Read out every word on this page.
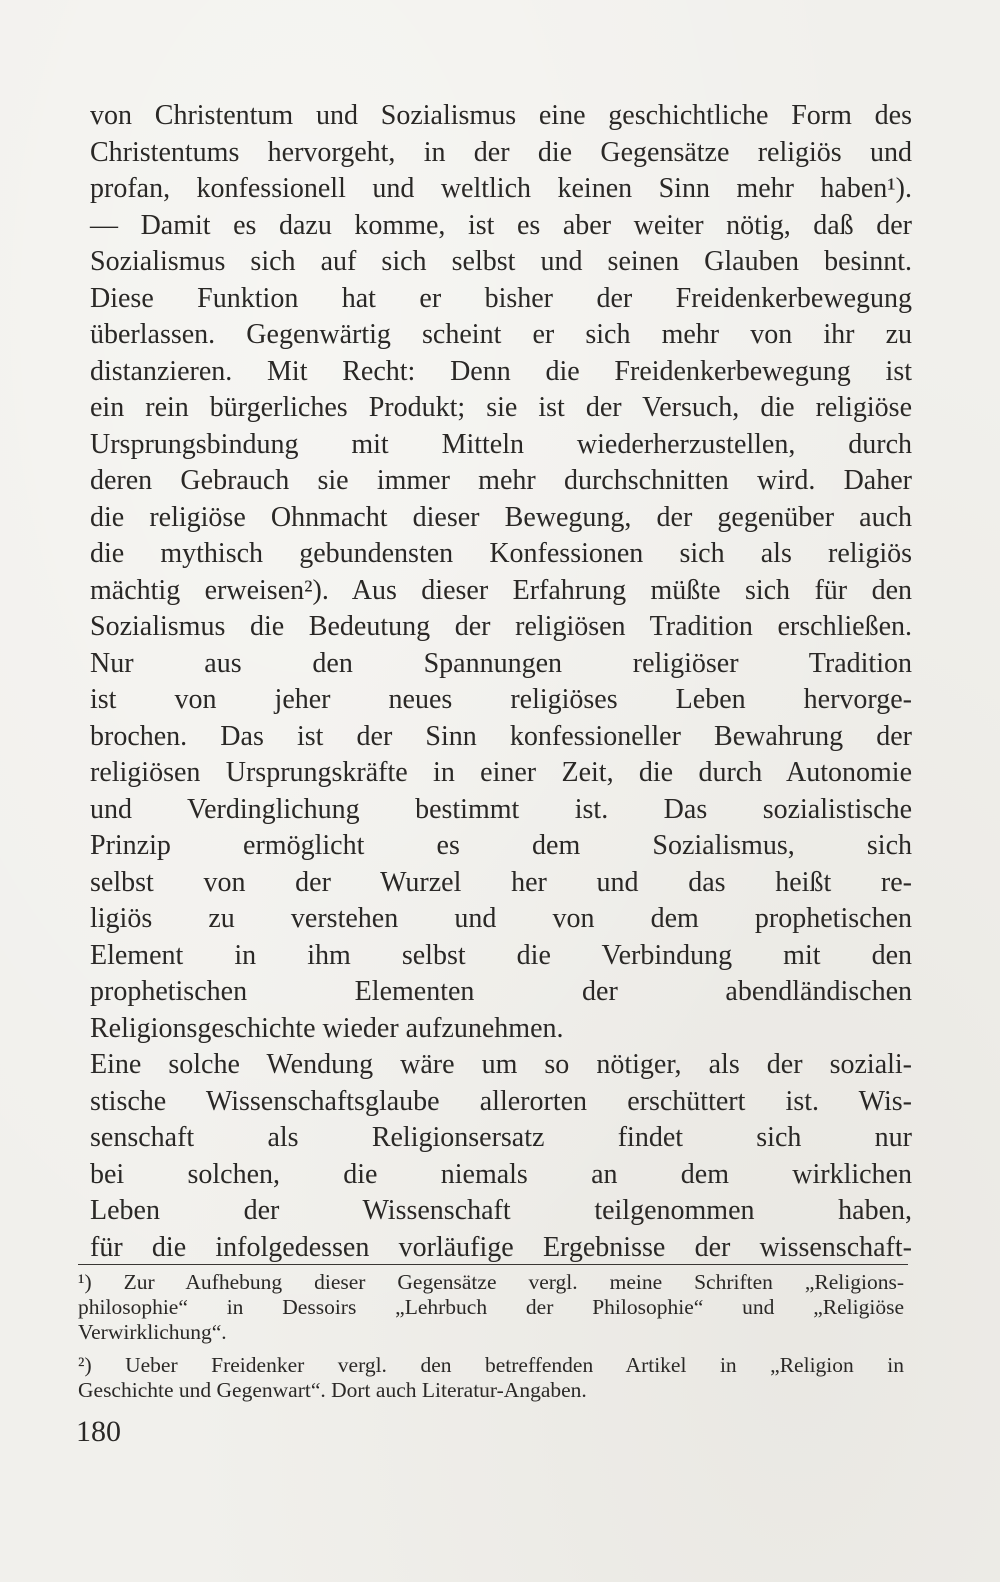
von Christentum und Sozialismus eine geschichtliche Form des
Christentums hervorgeht, in der die Gegensätze religiös und
profan, konfessionell und weltlich keinen Sinn mehr haben¹).
— Damit es dazu komme, ist es aber weiter nötig, daß der
Sozialismus sich auf sich selbst und seinen Glauben besinnt.
Diese Funktion hat er bisher der Freidenkerbewegung
überlassen. Gegenwärtig scheint er sich mehr von ihr zu
distanzieren. Mit Recht: Denn die Freidenkerbewegung ist
ein rein bürgerliches Produkt; sie ist der Versuch, die religiöse
Ursprungsbindung mit Mitteln wiederherzustellen, durch
deren Gebrauch sie immer mehr durchschnitten wird. Daher
die religiöse Ohnmacht dieser Bewegung, der gegenüber auch
die mythisch gebundensten Konfessionen sich als religiös
mächtig erweisen²). Aus dieser Erfahrung müßte sich für den
Sozialismus die Bedeutung der religiösen Tradition erschließen.
Nur aus den Spannungen religiöser Tradition
ist von jeher neues religiöses Leben hervorge-
brochen. Das ist der Sinn konfessioneller Bewahrung der
religiösen Ursprungskräfte in einer Zeit, die durch Autonomie
und Verdinglichung bestimmt ist. Das sozialistische
Prinzip ermöglicht es dem Sozialismus, sich
selbst von der Wurzel her und das heißt re-
ligiös zu verstehen und von dem prophetischen
Element in ihm selbst die Verbindung mit den
prophetischen Elementen der abendländischen
Religionsgeschichte wieder aufzunehmen.
Eine solche Wendung wäre um so nötiger, als der soziali-
stische Wissenschaftsglaube allerorten erschüttert ist. Wis-
senschaft als Religionsersatz findet sich nur
bei solchen, die niemals an dem wirklichen
Leben der Wissenschaft teilgenommen haben,
für die infolgedessen vorläufige Ergebnisse der wissenschaft-
¹) Zur Aufhebung dieser Gegensätze vergl. meine Schriften „Religions-
philosophie“ in Dessoirs „Lehrbuch der Philosophie“ und „Religiöse
Verwirklichung“.
²) Ueber Freidenker vergl. den betreffenden Artikel in „Religion in
Geschichte und Gegenwart“. Dort auch Literatur-Angaben.
180
